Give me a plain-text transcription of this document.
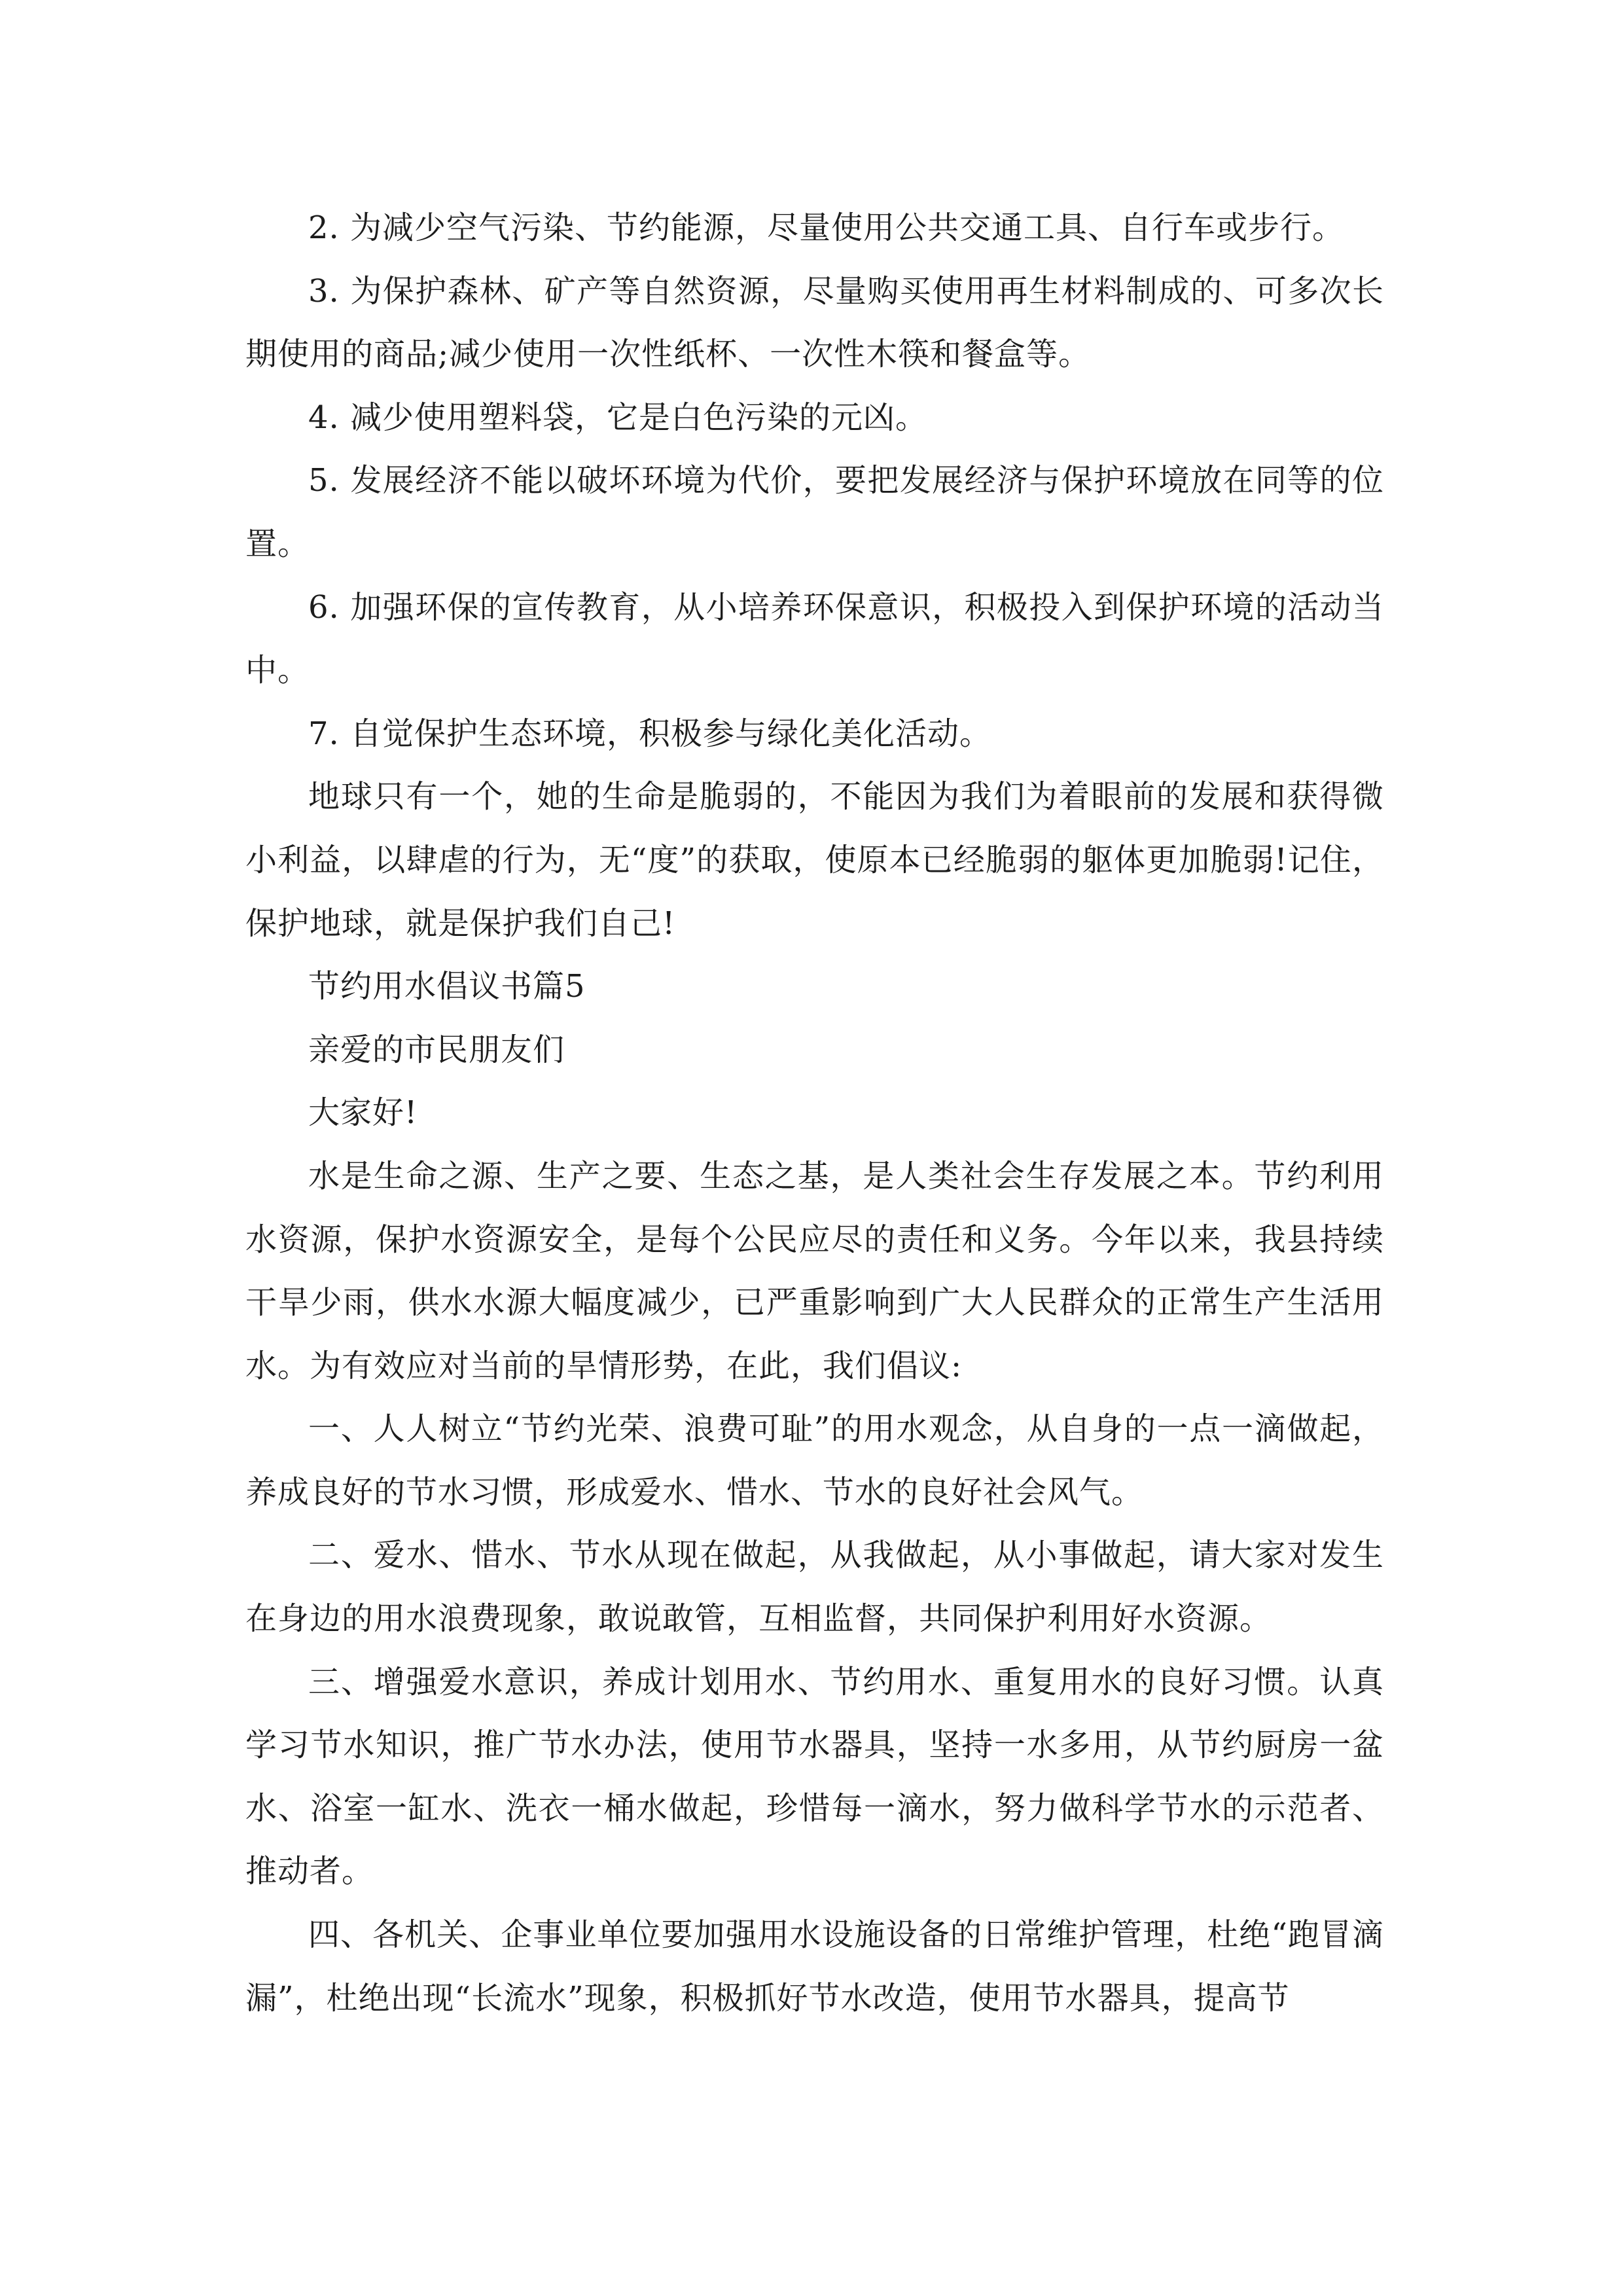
2. 为减少空气污染、节约能源，尽量使用公共交通工具、自行车或步行。

3. 为保护森林、矿产等自然资源，尽量购买使用再生材料制成的、可多次长期使用的商品;减少使用一次性纸杯、一次性木筷和餐盒等。

4. 减少使用塑料袋，它是白色污染的元凶。

5. 发展经济不能以破坏环境为代价，要把发展经济与保护环境放在同等的位置。

6. 加强环保的宣传教育，从小培养环保意识，积极投入到保护环境的活动当中。

7. 自觉保护生态环境，积极参与绿化美化活动。

地球只有一个，她的生命是脆弱的，不能因为我们为着眼前的发展和获得微小利益，以肆虐的行为，无“度”的获取，使原本已经脆弱的躯体更加脆弱!记住，保护地球，就是保护我们自己!

节约用水倡议书篇5

亲爱的市民朋友们

大家好!

水是生命之源、生产之要、生态之基，是人类社会生存发展之本。节约利用水资源，保护水资源安全，是每个公民应尽的责任和义务。今年以来，我县持续干旱少雨，供水水源大幅度减少，已严重影响到广大人民群众的正常生产生活用水。为有效应对当前的旱情形势，在此，我们倡议:

一、人人树立“节约光荣、浪费可耻”的用水观念，从自身的一点一滴做起，养成良好的节水习惯，形成爱水、惜水、节水的良好社会风气。

二、爱水、惜水、节水从现在做起，从我做起，从小事做起，请大家对发生在身边的用水浪费现象，敢说敢管，互相监督，共同保护利用好水资源。

三、增强爱水意识，养成计划用水、节约用水、重复用水的良好习惯。认真学习节水知识，推广节水办法，使用节水器具，坚持一水多用，从节约厨房一盆水、浴室一缸水、洗衣一桶水做起，珍惜每一滴水，努力做科学节水的示范者、推动者。

四、各机关、企事业单位要加强用水设施设备的日常维护管理，杜绝“跑冒滴漏”，杜绝出现“长流水”现象，积极抓好节水改造，使用节水器具，提高节
